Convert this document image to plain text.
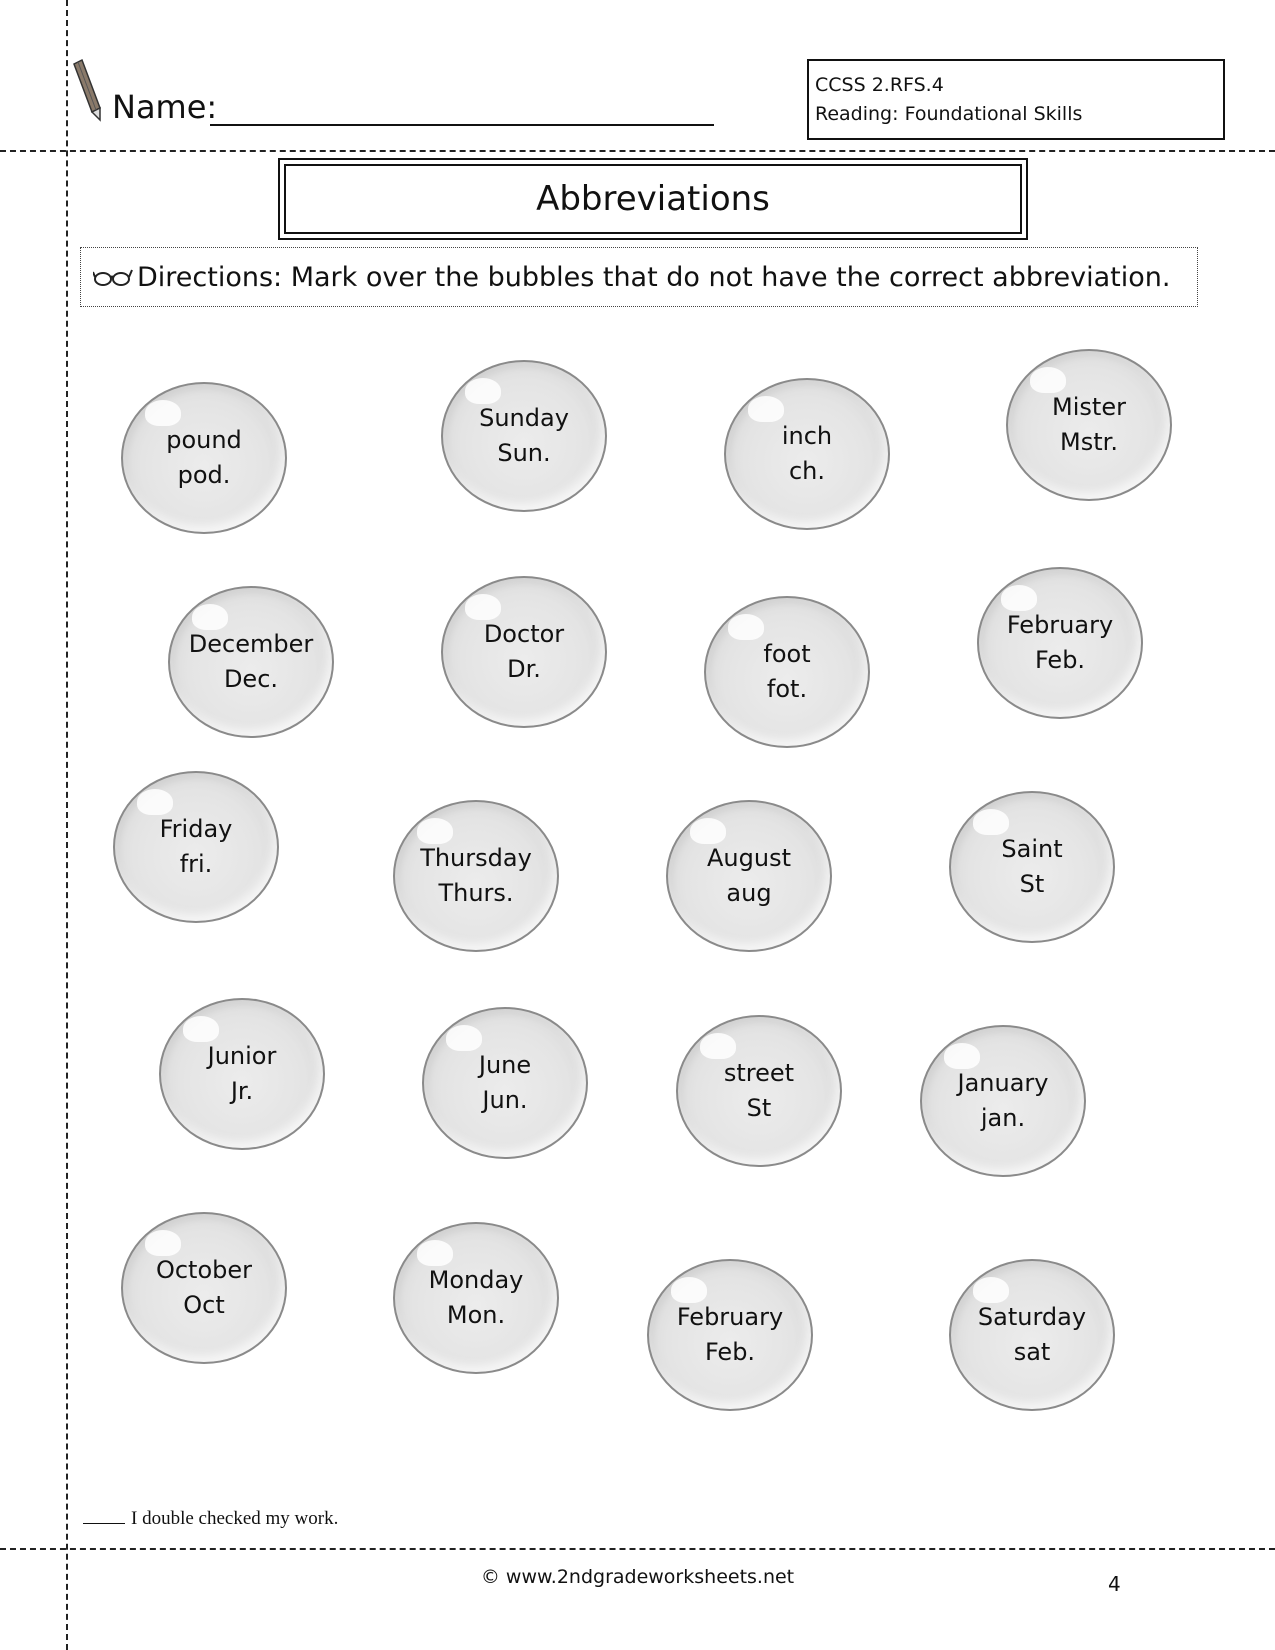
Name:
CCSS 2.RFS.4
Reading: Foundational Skills
Abbreviations
Directions: Mark over the bubbles that do not have the correct abbreviation.
pound
pod.
Sunday
Sun.
inch
ch.
Mister
Mstr.
December
Dec.
Doctor
Dr.
foot
fot.
February
Feb.
Friday
fri.	Thursday
Thurs.
August
aug
Saint
St
Junior
Jr.
June
Jun.
street
St
January
jan.
October
Oct
Monday
Mon.	February
Feb.
Saturday
sat
I double checked my work.
© www.2ndgradeworksheets.net	4
